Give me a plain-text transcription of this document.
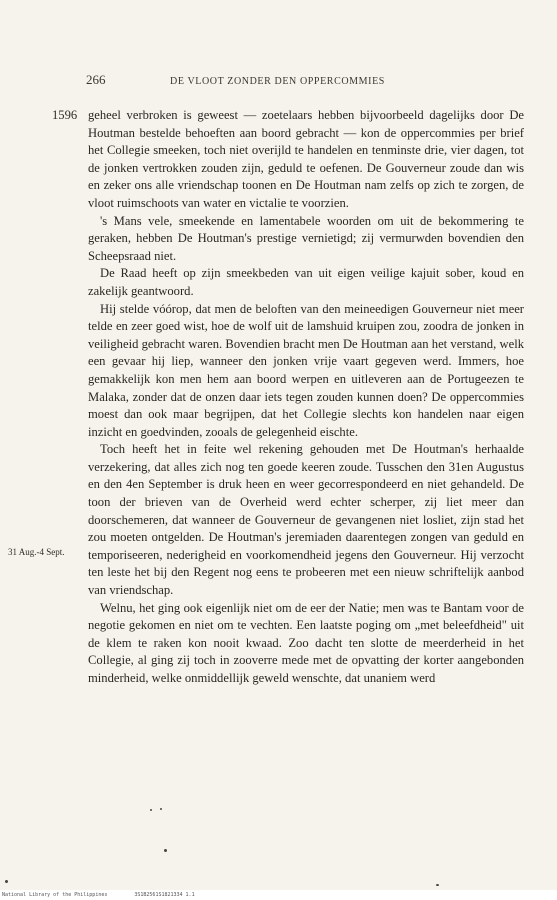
266	DE VLOOT ZONDER DEN OPPERCOMMIES
1596
31 Aug.-4 Sept.

geheel verbroken is geweest — zoetelaars hebben bijvoorbeeld dagelijks door De Houtman bestelde behoeften aan boord gebracht — kon de oppercommies per brief het Collegie smeeken, toch niet overijld te handelen en tenminste drie, vier dagen, tot de jonken vertrokken zouden zijn, geduld te oefenen. De Gouverneur zoude dan wis en zeker ons alle vriendschap toonen en De Houtman nam zelfs op zich te zorgen, de vloot ruimschoots van water en victalie te voorzien.

's Mans vele, smeekende en lamentabele woorden om uit de bekommering te geraken, hebben De Houtman's prestige vernietigd; zij vermurwden bovendien den Scheepsraad niet.

De Raad heeft op zijn smeekbeden van uit eigen veilige kajuit sober, koud en zakelijk geantwoord.

Hij stelde vóórop, dat men de beloften van den meineedigen Gouverneur niet meer telde en zeer goed wist, hoe de wolf uit de lamshuid kruipen zou, zoodra de jonken in veiligheid gebracht waren. Bovendien bracht men De Houtman aan het verstand, welk een gevaar hij liep, wanneer den jonken vrije vaart gegeven werd. Immers, hoe gemakkelijk kon men hem aan boord werpen en uitleveren aan de Portugeezen te Malaka, zonder dat de onzen daar iets tegen zouden kunnen doen? De oppercommies moest dan ook maar begrijpen, dat het Collegie slechts kon handelen naar eigen inzicht en goedvinden, zooals de gelegenheid eischte.

Toch heeft het in feite wel rekening gehouden met De Houtman's herhaalde verzekering, dat alles zich nog ten goede keeren zoude. Tusschen den 31en Augustus en den 4en September is druk heen en weer gecorrespondeerd en niet gehandeld. De toon der brieven van de Overheid werd echter scherper, zij liet meer dan doorschemeren, dat wanneer de Gouverneur de gevangenen niet losliet, zijn stad het zou moeten ontgelden. De Houtman's jeremiaden daarentegen zongen van geduld en temporiseeren, nederigheid en voorkomendheid jegens den Gouverneur. Hij verzocht ten leste het bij den Regent nog eens te probeeren met een nieuw schriftelijk aanbod van vriendschap.

Welnu, het ging ook eigenlijk niet om de eer der Natie; men was te Bantam voor de negotie gekomen en niet om te vechten. Een laatste poging om „met beleefdheid" uit de klem te raken kon nooit kwaad. Zoo dacht ten slotte de meerderheid in het Collegie, al ging zij toch in zooverre mede met de opvatting der korter aangebonden minderheid, welke onmiddellijk geweld wenschte, dat unaniem werd

National Library of the Philippines	3S1B2561S1821334 1.1
